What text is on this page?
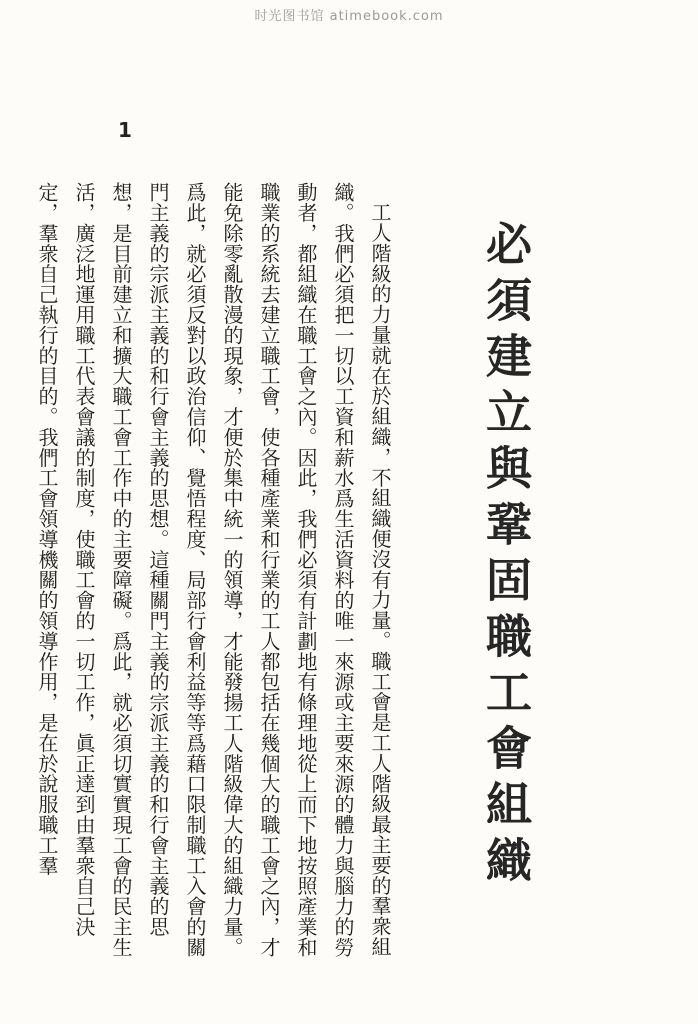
时光图书馆 atimebook.com
1
必須建立與鞏固職工會組織

工人階級的力量就在於組織，不組織便沒有力量。職工會是工人階級最主要的羣衆組織。我們必須把一切以工資和薪水爲生活資料的唯一來源或主要來源的體力與腦力的勞動者，都組織在職工會之內。因此，我們必須有計劃地有條理地從上而下地按照產業和職業的系統去建立職工會，使各種產業和行業的工人都包括在幾個大的職工會之內，才能免除零亂散漫的現象，才便於集中統一的領導，才能發揚工人階級偉大的組織力量。爲此，就必須反對以政治信仰、覺悟程度、局部行會利益等等爲藉口限制職工入會的關門主義的宗派主義的和行會主義的思想。這種關門主義的宗派主義的和行會主義的思想，是目前建立和擴大職工會工作中的主要障礙。爲此，就必須切實實現工會的民主生活，廣泛地運用職工代表會議的制度，使職工會的一切工作，眞正達到由羣衆自己決定，羣衆自己執行的目的。我們工會領導機關的領導作用，是在於說服職工羣
